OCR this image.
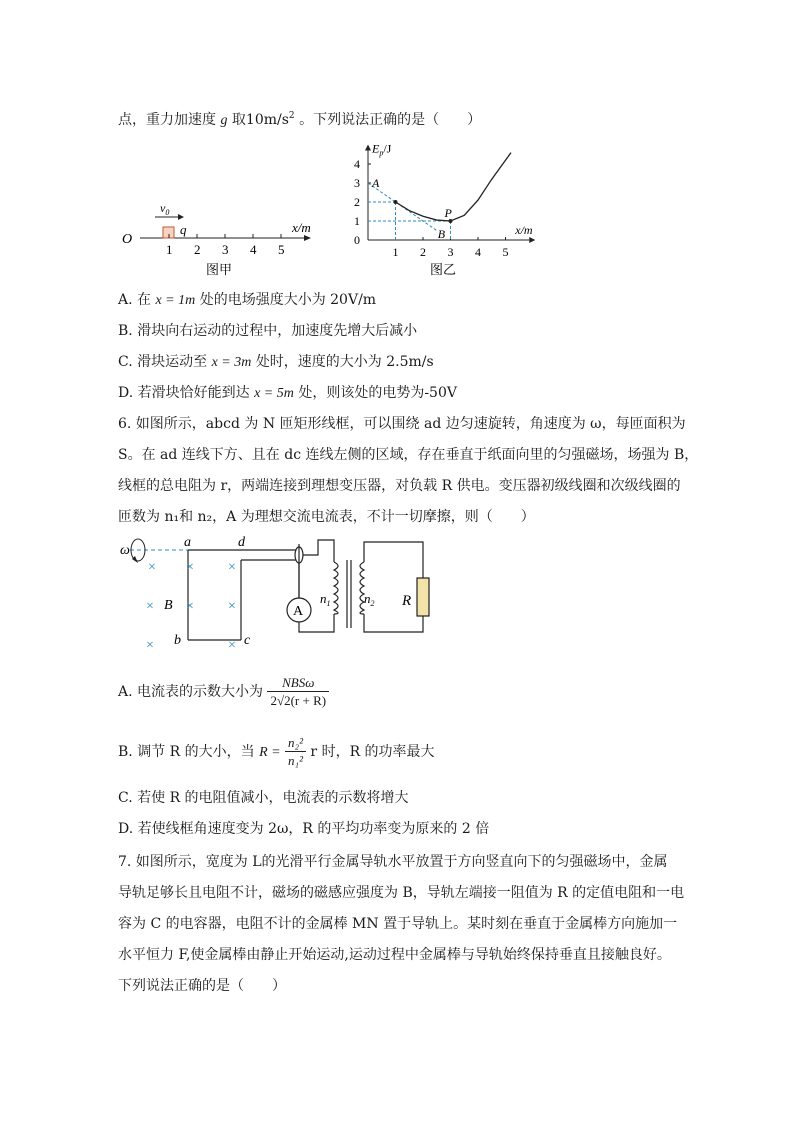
点，重力加速度 g 取$10m/s^2$ 。下列说法正确的是（　　）
O
$v_0$
q
1 2 3 4 5
x/m
图甲
4
3
2
1
0
1 2 3 4 5
$E_p/J$
x/m
A
P
B
图乙
A. 在 x = 1m 处的电场强度大小为 20V/m
B. 滑块向右运动的过程中，加速度先增大后减小
C. 滑块运动至 x = 3m 处时，速度的大小为 2.5m/s
D. 若滑块恰好能到达 x = 5m 处，则该处的电势为-50V
6. 如图所示，abcd 为 N 匝矩形线框，可以围绕 ad 边匀速旋转，角速度为 ω，每匝面积为
S。在 ad 连线下方、且在 dc 连线左侧的区域，存在垂直于纸面向里的匀强磁场，场强为 B，
线框的总电阻为 r，两端连接到理想变压器，对负载 R 供电。变压器初级线圈和次级线圈的
匝数为 n₁和 n₂，A 为理想交流电流表，不计一切摩擦，则（　　）
ω
a	d
b	c
B
× × ×
× × ×
×	×
A
$n_1$	$n_2$ R
A. 电流表的示数大小为 $\frac{\text{NBSω}}{2√2(r + R)}$
B. 调节 R 的大小，当 $R = \frac{\text{n₂²}}{\text{n₁²}}$ r 时，R 的功率最大
C. 若使 R 的电阻值减小，电流表的示数将增大
D. 若使线框角速度变为 2ω，R 的平均功率变为原来的 2 倍
7. 如图所示，宽度为 L的光滑平行金属导轨水平放置于方向竖直向下的匀强磁场中，金属
导轨足够长且电阻不计，磁场的磁感应强度为 B，导轨左端接一阻值为 R 的定值电阻和一电
容为 C 的电容器，电阻不计的金属棒 MN 置于导轨上。某时刻在垂直于金属棒方向施加一
水平恒力 F,使金属棒由静止开始运动,运动过程中金属棒与导轨始终保持垂直且接触良好。
下列说法正确的是（　　）
